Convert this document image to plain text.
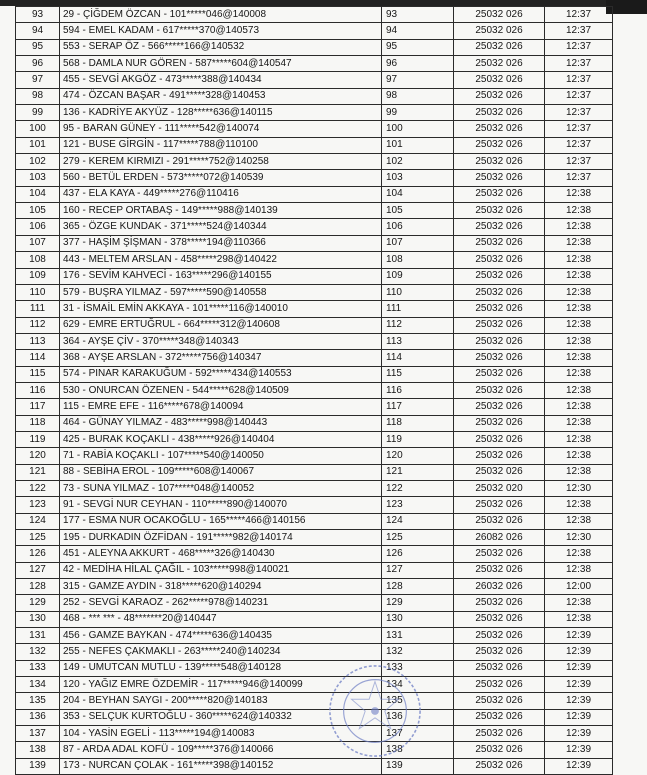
93	29 - ÇİĞDEM ÖZCAN - 101*****046@140008	93	25032 026	12:37
94	594 - EMEL KADAM - 617*****370@140573	94	25032 026	12:37
95	553 - SERAP ÖZ - 566*****166@140532	95	25032 026	12:37
96	568 - DAMLA NUR GÖREN - 587*****604@140547	96	25032 026	12:37
97	455 - SEVGİ AKGÖZ - 473*****388@140434	97	25032 026	12:37
98	474 - ÖZCAN BAŞAR - 491*****328@140453	98	25032 026	12:37
99	136 - KADRİYE AKYÜZ - 128*****636@140115	99	25032 026	12:37
100	95 - BARAN GÜNEY - 111*****542@140074	100	25032 026	12:37
101	121 - BUSE GİRGİN - 117*****788@110100	101	25032 026	12:37
102	279 - KEREM KIRMIZI - 291*****752@140258	102	25032 026	12:37
103	560 - BETÜL ERDEN - 573*****072@140539	103	25032 026	12:37
104	437 - ELA KAYA - 449*****276@110416	104	25032 026	12:38
105	160 - RECEP ORTABAŞ - 149*****988@140139	105	25032 026	12:38
106	365 - ÖZGE KUNDAK - 371*****524@140344	106	25032 026	12:38
107	377 - HAŞİM ŞİŞMAN - 378*****194@110366	107	25032 026	12:38
108	443 - MELTEM ARSLAN - 458*****298@140422	108	25032 026	12:38
109	176 - SEVİM KAHVECİ - 163*****296@140155	109	25032 026	12:38
110	579 - BUŞRA YILMAZ - 597*****590@140558	110	25032 026	12:38
111	31 - İSMAİL EMİN AKKAYA - 101*****116@140010	111	25032 026	12:38
112	629 - EMRE ERTUĞRUL - 664*****312@140608	112	25032 026	12:38
113	364 - AYŞE ÇİV - 370*****348@140343	113	25032 026	12:38
114	368 - AYŞE ARSLAN - 372*****756@140347	114	25032 026	12:38
115	574 - PINAR KARAKUĞUM - 592*****434@140553	115	25032 026	12:38
116	530 - ONURCAN ÖZENEN - 544*****628@140509	116	25032 026	12:38
117	115 - EMRE EFE - 116*****678@140094	117	25032 026	12:38
118	464 - GÜNAY YILMAZ - 483*****998@140443	118	25032 026	12:38
119	425 - BURAK KOÇAKLI - 438*****926@140404	119	25032 026	12:38
120	71 - RABİA KOÇAKLI - 107*****540@140050	120	25032 026	12:38
121	88 - SEBİHA EROL - 109*****608@140067	121	25032 026	12:38
122	73 - SUNA YILMAZ - 107*****048@140052	122	25032 020	12:30
123	91 - SEVGİ NUR CEYHAN - 110*****890@140070	123	25032 026	12:38
124	177 - ESMA NUR OCAKOĞLU - 165*****466@140156	124	25032 026	12:38
125	195 - DURKADIN ÖZFİDAN - 191*****982@140174	125	26082 026	12:30
126	451 - ALEYNA AKKURT - 468*****326@140430	126	25032 026	12:38
127	42 - MEDİHA HİLAL ÇAĞIL - 103*****998@140021	127	25032 026	12:38
128	315 - GAMZE AYDIN - 318*****620@140294	128	26032 026	12:00
129	252 - SEVGİ KARAOZ - 262*****978@140231	129	25032 026	12:38
130	468 - *** *** - 48*******20@140447	130	25032 026	12:38
131	456 - GAMZE BAYKAN - 474*****636@140435	131	25032 026	12:39
132	255 - NEFES ÇAKMAKLI - 263*****240@140234	132	25032 026	12:39
133	149 - UMUTCAN MUTLU - 139*****548@140128	133	25032 026	12:39
134	120 - YAĞIZ EMRE ÖZDEMİR - 117*****946@140099	134	25032 026	12:39
135	204 - BEYHAN SAYGI - 200*****820@140183	135	25032 026	12:39
136	353 - SELÇUK KURTOĞLU - 360*****624@140332	136	25032 026	12:39
137	104 - YASİN EGELİ - 113*****194@140083	137	25032 026	12:39
138	87 - ARDA ADAL KOFÜ - 109*****376@140066	138	25032 026	12:39
139	173 - NURCAN ÇOLAK - 161*****398@140152	139	25032 026	12:39
